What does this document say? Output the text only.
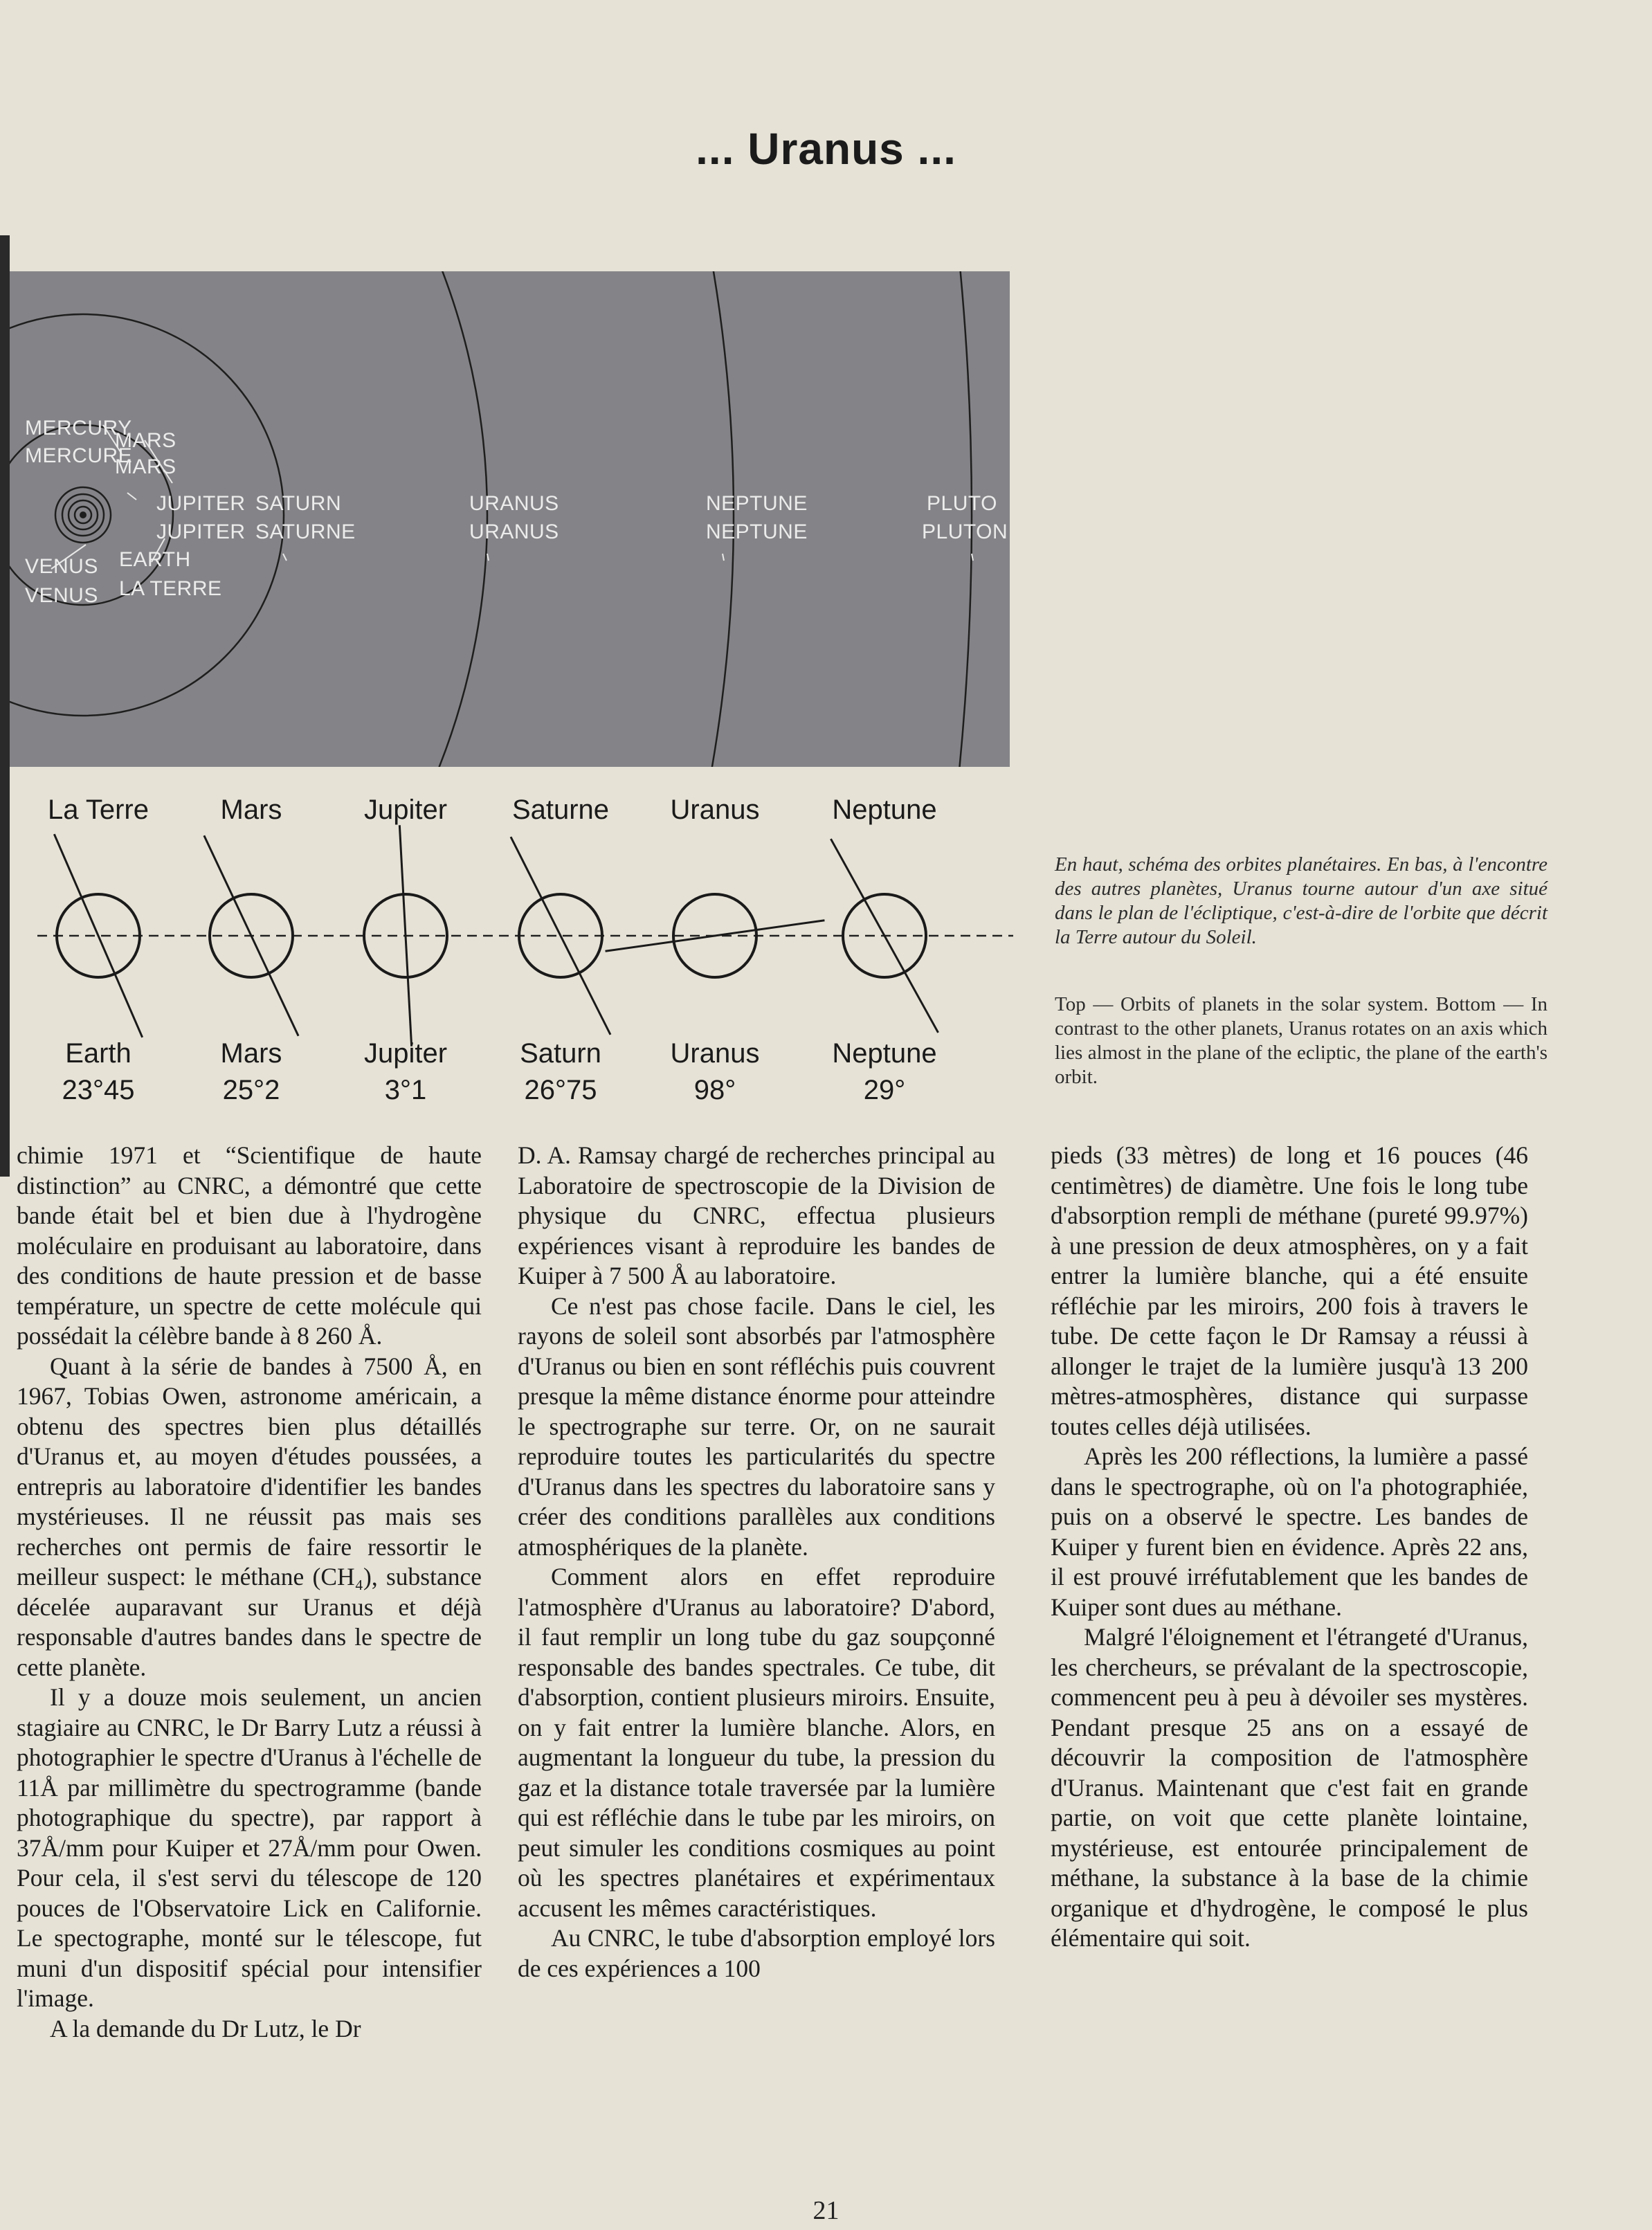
... Uranus ...
MERCURY
MERCURE
MARS
MARS
JUPITER
JUPITER
SATURN
SATURNE
VENUS
VENUS
EARTH
LA TERRE
URANUS
URANUS
NEPTUNE
NEPTUNE
PLUTO
PLUTON
La Terre
Earth
23°45
Mars
Mars
25°2
Jupiter
Jupiter
3°1
Saturne
Saturn
26°75
Uranus
Uranus
98°
Neptune
Neptune
29°
En haut, schéma des orbites planétaires. En bas, à l'encontre des autres planètes, Uranus tourne autour d'un axe situé dans le plan de l'écliptique, c'est-à-dire de l'orbite que décrit la Terre autour du Soleil.
Top — Orbits of planets in the solar system. Bottom — In contrast to the other planets, Uranus rotates on an axis which lies almost in the plane of the ecliptic, the plane of the earth's orbit.

chimie 1971 et “Scientifique de haute distinction” au CNRC, a démontré que cette bande était bel et bien due à l'hydrogène moléculaire en produisant au laboratoire, dans des conditions de haute pression et de basse température, un spectre de cette molécule qui possédait la célèbre bande à 8 260 Å.

Quant à la série de bandes à 7500 Å, en 1967, Tobias Owen, astronome américain, a obtenu des spectres bien plus détaillés d'Uranus et, au moyen d'études poussées, a entrepris au laboratoire d'identifier les bandes mystérieuses. Il ne réussit pas mais ses recherches ont permis de faire ressortir le meilleur suspect: le méthane (CH₄), substance décelée auparavant sur Uranus et déjà responsable d'autres bandes dans le spectre de cette planète.

Il y a douze mois seulement, un ancien stagiaire au CNRC, le Dr Barry Lutz a réussi à photographier le spectre d'Uranus à l'échelle de 11Å par millimètre du spectrogramme (bande photographique du spectre), par rapport à 37Å/mm pour Kuiper et 27Å/mm pour Owen. Pour cela, il s'est servi du télescope de 120 pouces de l'Observatoire Lick en Californie. Le spectographe, monté sur le télescope, fut muni d'un dispositif spécial pour intensifier l'image.

A la demande du Dr Lutz, le Dr

D. A. Ramsay chargé de recherches principal au Laboratoire de spectroscopie de la Division de physique du CNRC, effectua plusieurs expériences visant à reproduire les bandes de Kuiper à 7 500 Å au laboratoire.

Ce n'est pas chose facile. Dans le ciel, les rayons de soleil sont absorbés par l'atmosphère d'Uranus ou bien en sont réfléchis puis couvrent presque la même distance énorme pour atteindre le spectrographe sur terre. Or, on ne saurait reproduire toutes les particularités du spectre d'Uranus dans les spectres du laboratoire sans y créer des conditions parallèles aux conditions atmosphériques de la planète.

Comment alors en effet reproduire l'atmosphère d'Uranus au laboratoire? D'abord, il faut remplir un long tube du gaz soupçonné responsable des bandes spectrales. Ce tube, dit d'absorption, contient plusieurs miroirs. Ensuite, on y fait entrer la lumière blanche. Alors, en augmentant la longueur du tube, la pression du gaz et la distance totale traversée par la lumière qui est réfléchie dans le tube par les miroirs, on peut simuler les conditions cosmiques au point où les spectres planétaires et expérimentaux accusent les mêmes caractéristiques.

Au CNRC, le tube d'absorption employé lors de ces expériences a 100

pieds (33 mètres) de long et 16 pouces (46 centimètres) de diamètre. Une fois le long tube d'absorption rempli de méthane (pureté 99.97%) à une pression de deux atmosphères, on y a fait entrer la lumière blanche, qui a été ensuite réfléchie par les miroirs, 200 fois à travers le tube. De cette façon le Dr Ramsay a réussi à allonger le trajet de la lumière jusqu'à 13 200 mètres-atmosphères, distance qui surpasse toutes celles déjà utilisées.

Après les 200 réflections, la lumière a passé dans le spectrographe, où on l'a photographiée, puis on a observé le spectre. Les bandes de Kuiper y furent bien en évidence. Après 22 ans, il est prouvé irréfutablement que les bandes de Kuiper sont dues au méthane.

Malgré l'éloignement et l'étrangeté d'Uranus, les chercheurs, se prévalant de la spectroscopie, commencent peu à peu à dévoiler ses mystères. Pendant presque 25 ans on a essayé de découvrir la composition de l'atmosphère d'Uranus. Maintenant que c'est fait en grande partie, on voit que cette planète lointaine, mystérieuse, est entourée principalement de méthane, la substance à la base de la chimie organique et d'hydrogène, le composé le plus élémentaire qui soit.

21
